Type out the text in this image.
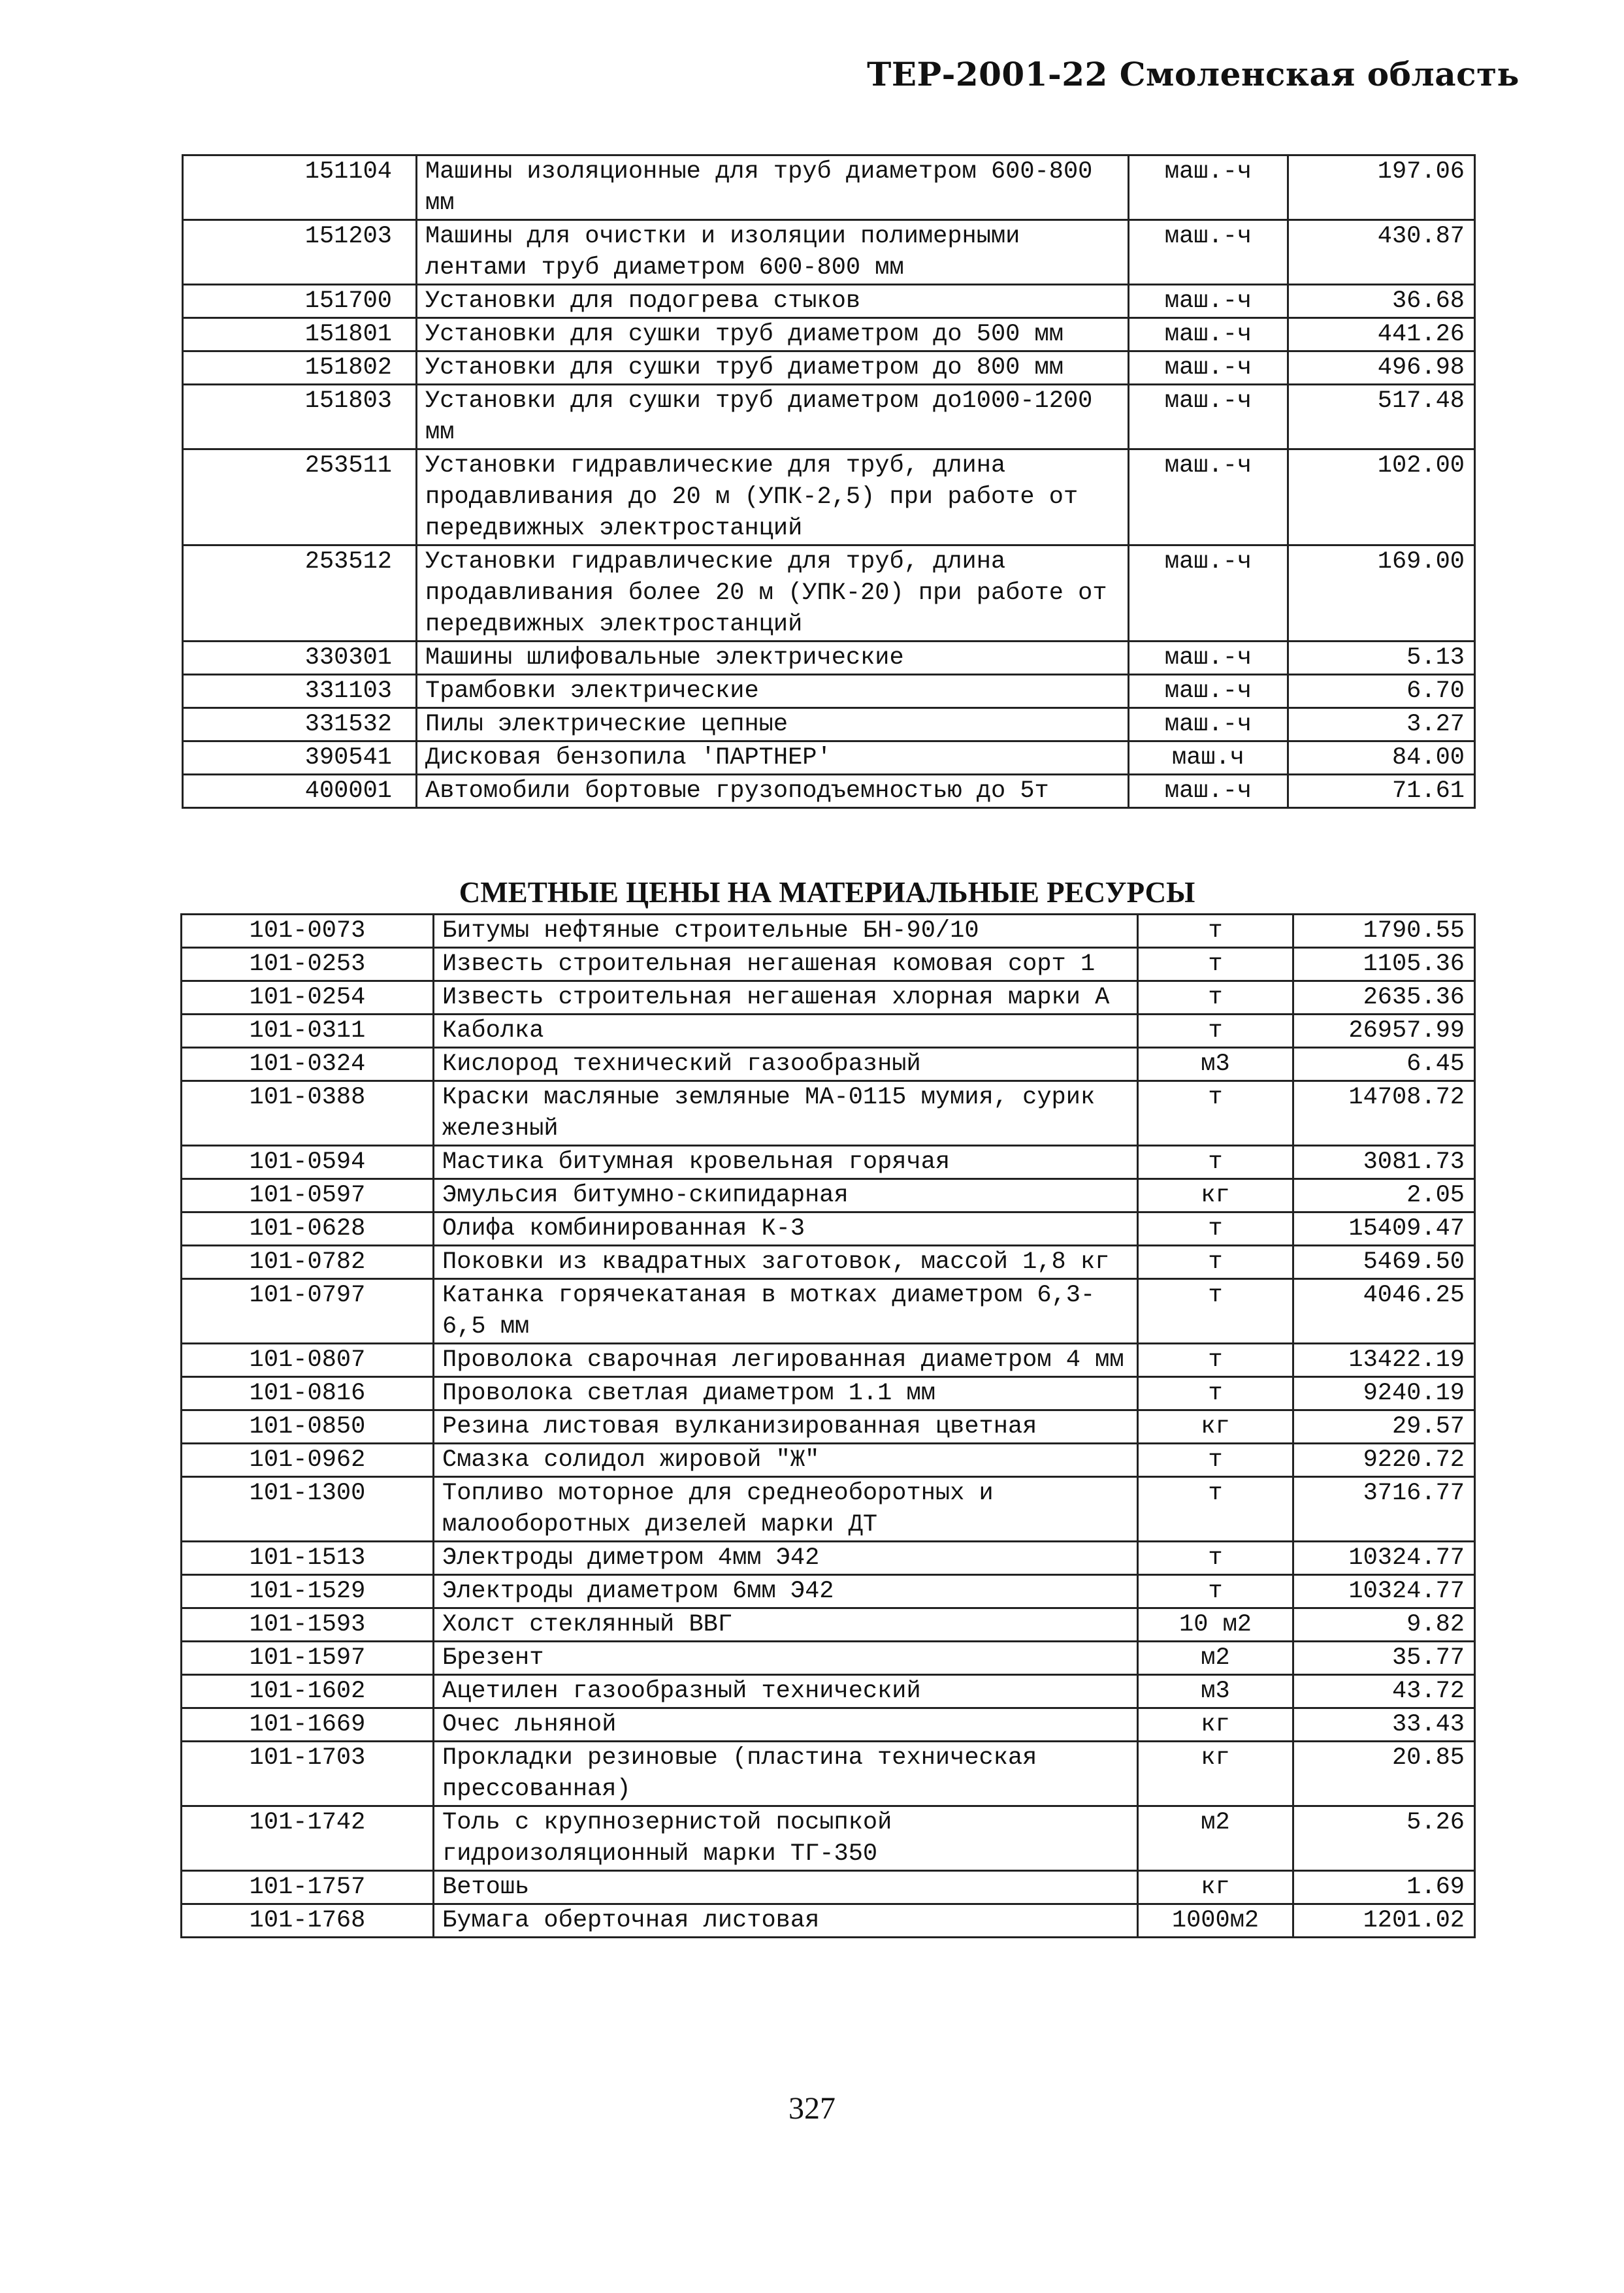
ТЕР-2001-22 Смоленская область
151104	Машины изоляционные для труб диаметром 600-800 мм	маш.-ч	197.06
151203	Машины для очистки и изоляции полимерными лентами труб диаметром 600-800 мм	маш.-ч	430.87
151700	Установки для подогрева стыков	маш.-ч	36.68
151801	Установки для сушки труб диаметром до 500 мм	маш.-ч	441.26
151802	Установки для сушки труб диаметром до 800 мм	маш.-ч	496.98
151803	Установки для сушки труб диаметром до1000-1200 мм	маш.-ч	517.48
253511	Установки гидравлические для труб, длина продавливания до 20 м (УПК-2,5) при работе от передвижных электростанций	маш.-ч	102.00
253512	Установки гидравлические для труб, длина продавливания более 20 м (УПК-20) при работе от передвижных электростанций	маш.-ч	169.00
330301	Машины шлифовальные электрические	маш.-ч	5.13
331103	Трамбовки электрические	маш.-ч	6.70
331532	Пилы электрические цепные	маш.-ч	3.27
390541	Дисковая бензопила 'ПАРТНЕР'	маш.ч	84.00
400001	Автомобили бортовые грузоподъемностью до 5т	маш.-ч	71.61
СМЕТНЫЕ ЦЕНЫ НА МАТЕРИАЛЬНЫЕ РЕСУРСЫ
101-0073	Битумы нефтяные строительные БН-90/10	т	1790.55
101-0253	Известь строительная негашеная комовая сорт 1	т	1105.36
101-0254	Известь строительная негашеная хлорная марки А	т	2635.36
101-0311	Каболка	т	26957.99
101-0324	Кислород технический газообразный	м3	6.45
101-0388	Краски масляные земляные МА-0115 мумия, сурик железный	т	14708.72
101-0594	Мастика битумная кровельная горячая	т	3081.73
101-0597	Эмульсия битумно-скипидарная	кг	2.05
101-0628	Олифа комбинированная К-3	т	15409.47
101-0782	Поковки из квадратных заготовок, массой 1,8 кг	т	5469.50
101-0797	Катанка горячекатаная в мотках диаметром 6,3-6,5 мм	т	4046.25
101-0807	Проволока сварочная легированная диаметром 4 мм	т	13422.19
101-0816	Проволока светлая диаметром 1.1 мм	т	9240.19
101-0850	Резина листовая вулканизированная цветная	кг	29.57
101-0962	Смазка солидол жировой "Ж"	т	9220.72
101-1300	Топливо моторное для среднеоборотных и малооборотных дизелей марки ДТ	т	3716.77
101-1513	Электроды диметром 4мм Э42	т	10324.77
101-1529	Электроды диаметром 6мм Э42	т	10324.77
101-1593	Холст стеклянный ВВГ	10 м2	9.82
101-1597	Брезент	м2	35.77
101-1602	Ацетилен газообразный технический	м3	43.72
101-1669	Очес льняной	кг	33.43
101-1703	Прокладки резиновые (пластина техническая прессованная)	кг	20.85
101-1742	Толь с крупнозернистой посыпкой гидроизоляционный марки ТГ-350	м2	5.26
101-1757	Ветошь	кг	1.69
101-1768	Бумага оберточная листовая	1000м2	1201.02
327
